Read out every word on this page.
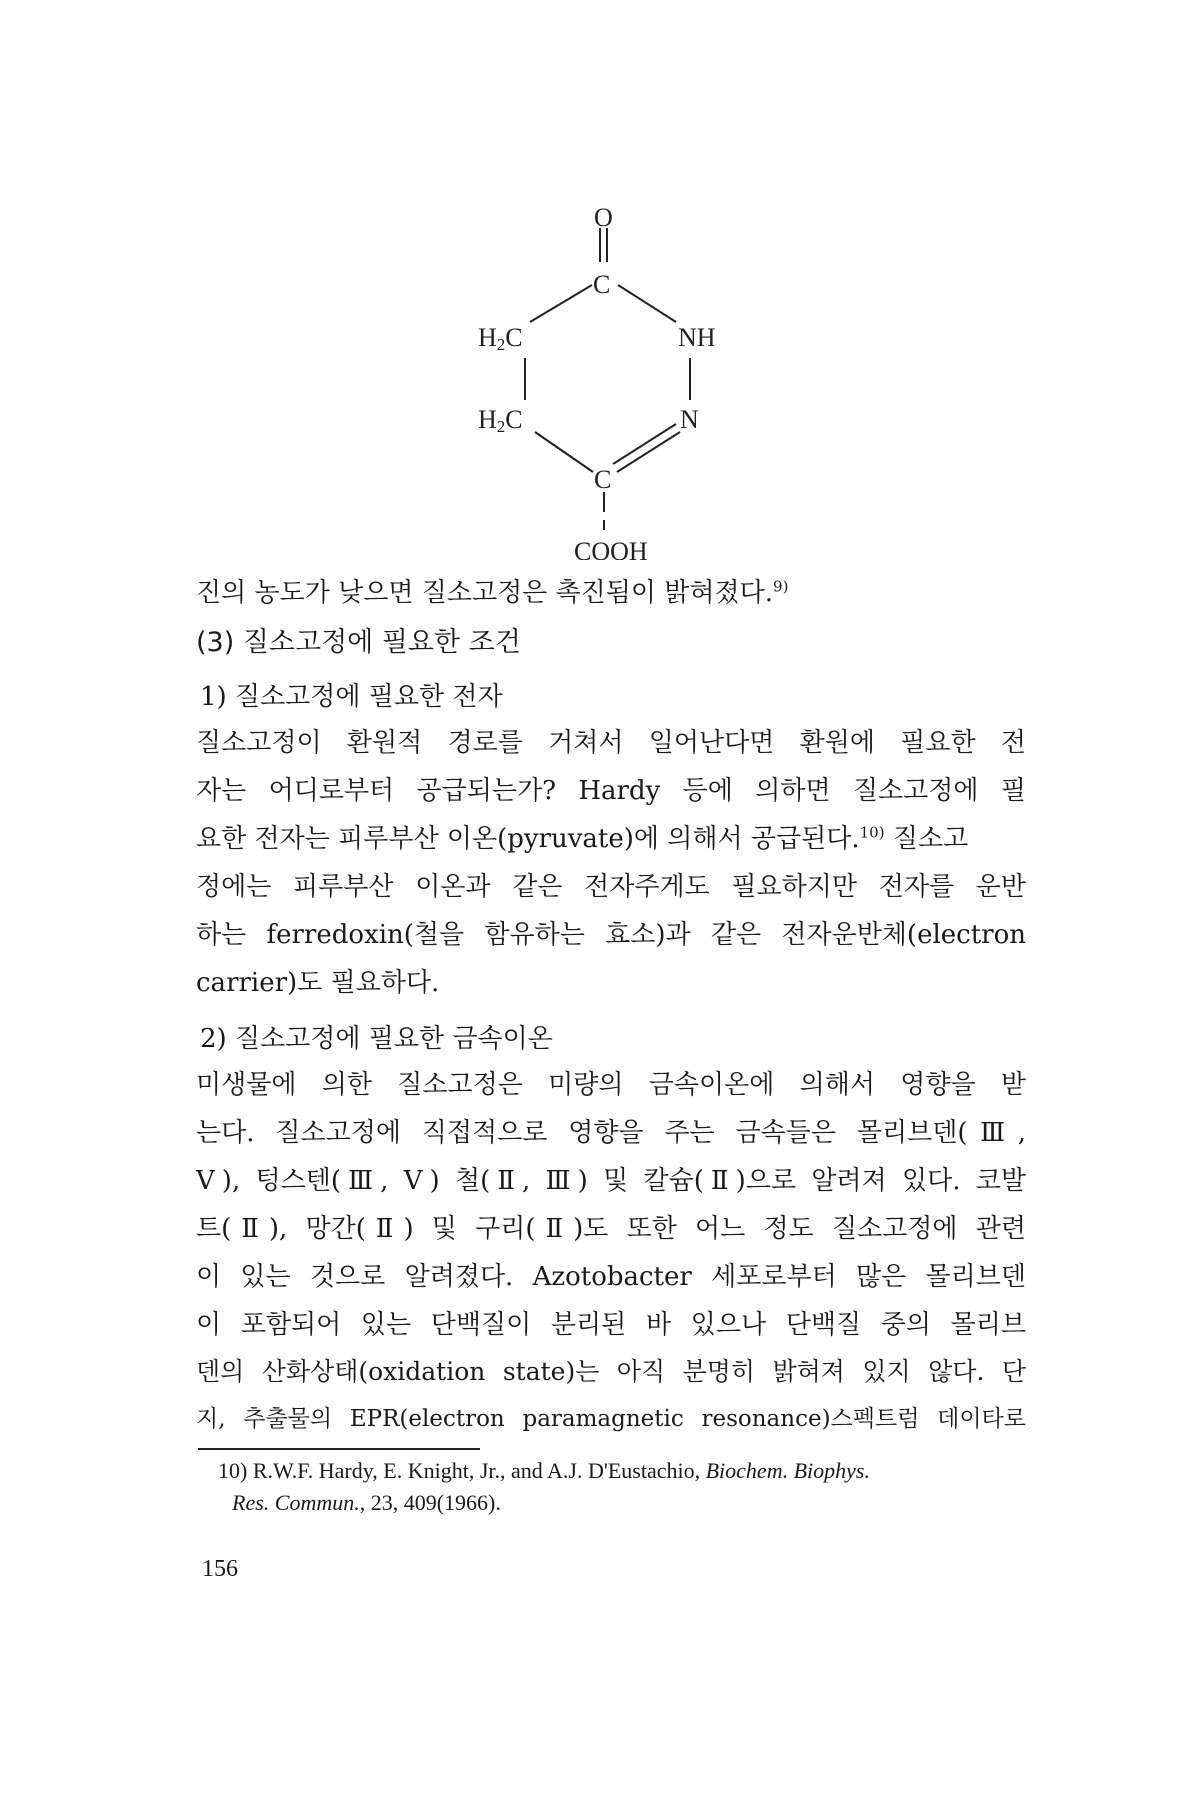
O
C
H2C	NH
H2C	N
C
COOH
진의 농도가 낮으면 질소고정은 촉진됨이 밝혀졌다.$^{9)}$
(3) 질소고정에 필요한 조건
1) 질소고정에 필요한 전자
질소고정이 환원적 경로를 거쳐서 일어난다면 환원에 필요한 전
자는 어디로부터 공급되는가? Hardy 등에 의하면 질소고정에 필
요한 전자는 피루부산 이온(pyruvate)에 의해서 공급된다.$^{10)}$ 질소고
정에는 피루부산 이온과 같은 전자주게도 필요하지만 전자를 운반
하는 ferredoxin(철을 함유하는 효소)과 같은 전자운반체(electron
carrier)도 필요하다.
2) 질소고정에 필요한 금속이온
미생물에 의한 질소고정은 미량의 금속이온에 의해서 영향을 받
는다. 질소고정에 직접적으로 영향을 주는 금속들은 몰리브덴(Ⅲ,
Ⅴ), 텅스텐(Ⅲ, Ⅴ) 철(Ⅱ, Ⅲ) 및 칼슘(Ⅱ)으로 알려져 있다. 코발
트(Ⅱ), 망간(Ⅱ) 및 구리(Ⅱ)도 또한 어느 정도 질소고정에 관련
이 있는 것으로 알려졌다. Azotobacter 세포로부터 많은 몰리브덴
이 포함되어 있는 단백질이 분리된 바 있으나 단백질 중의 몰리브
덴의 산화상태(oxidation state)는 아직 분명히 밝혀져 있지 않다. 단
지, 추출물의 EPR(electron paramagnetic resonance)스펙트럼 데이타로
10) R.W.F. Hardy, E. Knight, Jr., and A.J. D'Eustachio, Biochem. Biophys.
Res. Commun., 23, 409(1966).
156
